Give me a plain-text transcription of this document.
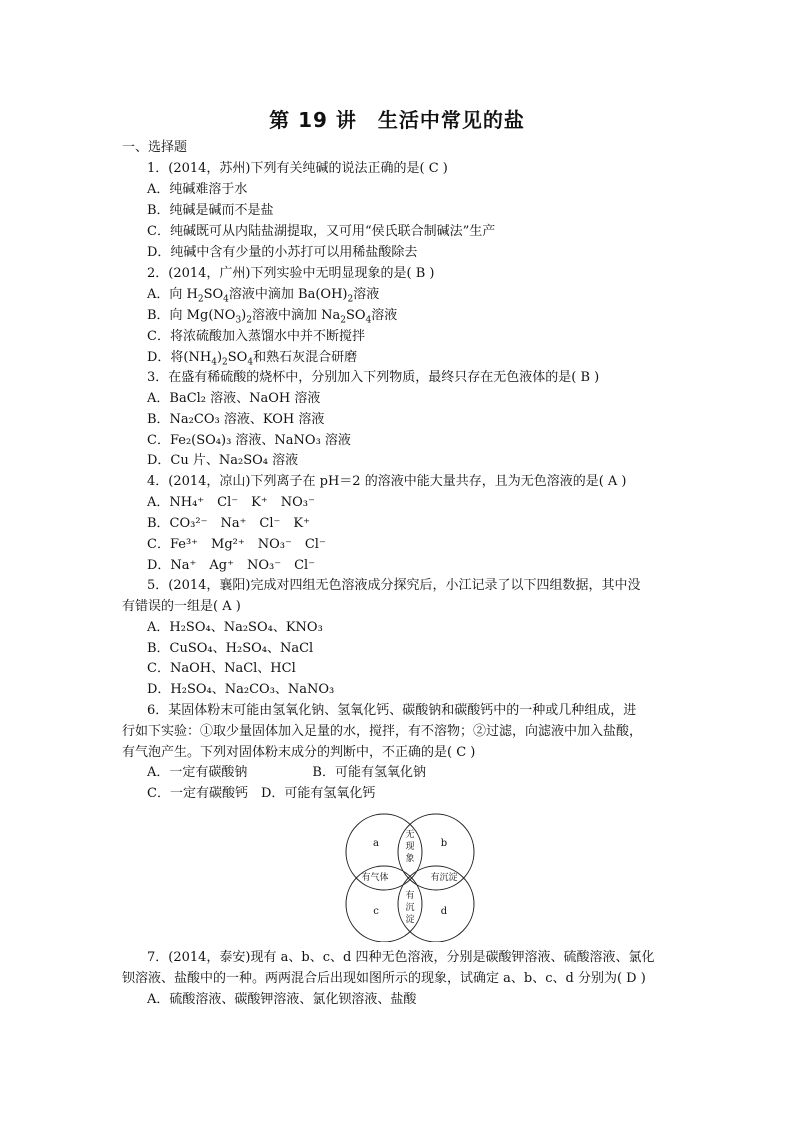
第 19 讲　生活中常见的盐
一、选择题
1．(2014，苏州)下列有关纯碱的说法正确的是( C )
A．纯碱难溶于水
B．纯碱是碱而不是盐
C．纯碱既可从内陆盐湖提取，又可用“侯氏联合制碱法”生产
D．纯碱中含有少量的小苏打可以用稀盐酸除去
2．(2014，广州)下列实验中无明显现象的是( B )
A．向 $H_2SO_4$溶液中滴加 $Ba(OH)_2$溶液
B．向 $Mg(NO_3)_2$溶液中滴加 $Na_2SO_4$溶液
C．将浓硫酸加入蒸馏水中并不断搅拌
D．将$(NH_4)_2SO_4$和熟石灰混合研磨
3．在盛有稀硫酸的烧杯中，分别加入下列物质，最终只存在无色液体的是( B )
A．BaCl₂ 溶液、NaOH 溶液
B．Na₂CO₃ 溶液、KOH 溶液
C．Fe₂(SO₄)₃ 溶液、NaNO₃ 溶液
D．Cu 片、Na₂SO₄ 溶液
4．(2014，凉山)下列离子在 pH＝2 的溶液中能大量共存，且为无色溶液的是( A )
A．NH₄⁺　Cl⁻　K⁺　NO₃⁻
B．CO₃²⁻　Na⁺　Cl⁻　K⁺
C．Fe³⁺　Mg²⁺　NO₃⁻　Cl⁻
D．Na⁺　Ag⁺　NO₃⁻　Cl⁻
5．(2014，襄阳)完成对四组无色溶液成分探究后，小江记录了以下四组数据，其中没
有错误的一组是( A )
A．H₂SO₄、Na₂SO₄、KNO₃
B．CuSO₄、H₂SO₄、NaCl
C．NaOH、NaCl、HCl
D．H₂SO₄、Na₂CO₃、NaNO₃
6．某固体粉末可能由氢氧化钠、氢氧化钙、碳酸钠和碳酸钙中的一种或几种组成，进
行如下实验：①取少量固体加入足量的水，搅拌，有不溶物；②过滤，向滤液中加入盐酸，
有气泡产生。下列对固体粉末成分的判断中，不正确的是( C )
A．一定有碳酸钠　　　　　B．可能有氢氧化钠
C．一定有碳酸钙　D．可能有氢氧化钙
a	b
c	d
无
现
象
有气体	有沉淀
有
沉
淀
7．(2014，泰安)现有 a、b、c、d 四种无色溶液，分别是碳酸钾溶液、硫酸溶液、氯化
钡溶液、盐酸中的一种。两两混合后出现如图所示的现象，试确定 a、b、c、d 分别为( D )
A．硫酸溶液、碳酸钾溶液、氯化钡溶液、盐酸
